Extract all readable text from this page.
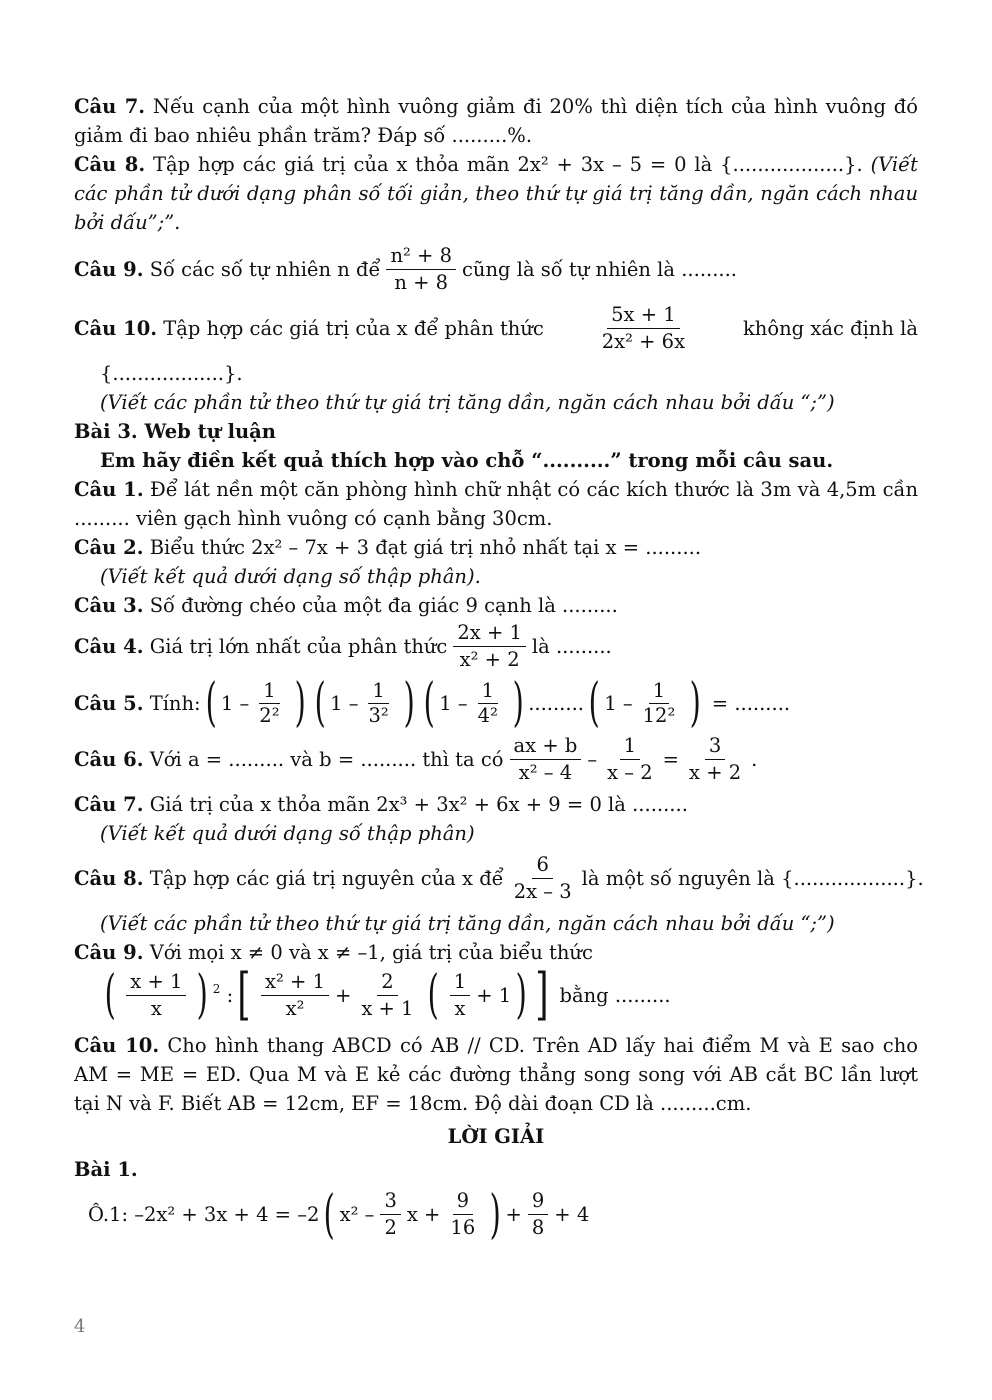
Câu 7. Nếu cạnh của một hình vuông giảm đi 20% thì diện tích của hình vuông đó giảm đi bao nhiêu phần trăm? Đáp số .........%.

Câu 8. Tập hợp các giá trị của x thỏa mãn 2x² + 3x – 5 = 0 là {..................}. (Viết các phần tử dưới dạng phân số tối giản, theo thứ tự giá trị tăng dần, ngăn cách nhau bởi dấu”;”.

Câu 9.
Số các số tự nhiên n để $\frac{\text{n² + 8}}{n + 8}$ cũng là số tự nhiên là .........
Câu 10. Tập hợp các giá trị của x để phân thức	$\frac{5x + 1}{\text{2x² + 6x}}$	không xác định là

{..................}.

(Viết các phần tử theo thứ tự giá trị tăng dần, ngăn cách nhau bởi dấu “;”)

Bài 3. Web tự luận

Em hãy điền kết quả thích hợp vào chỗ “..........” trong mỗi câu sau.

Câu 1. Để lát nền một căn phòng hình chữ nhật có các kích thước là 3m và 4,5m cần ......... viên gạch hình vuông có cạnh bằng 30cm.

Câu 2. Biểu thức 2x² – 7x + 3 đạt giá trị nhỏ nhất tại x = .........

(Viết kết quả dưới dạng số thập phân).

Câu 3. Số đường chéo của một đa giác 9 cạnh là .........

Câu 4.
Giá trị lớn nhất của phân thức $\frac{2x + 1}{\text{x² + 2}}$ là .........
Câu 5.
Tính: ( $1 - \frac{1}{\text{2²}}$ ) ( $1 - \frac{1}{\text{3²}}$ ) ( $1 - \frac{1}{\text{4²}}$ ) ......... ( $1 - \frac{1}{\text{12²}}$ )
= .........
Câu 6.
Với a = ......... và b = ......... thì ta có $\frac{ax + b}{\text{x² – 4}} - \frac{1}{x - 2} = \frac{3}{x + 2}$ .

Câu 7. Giá trị của x thỏa mãn 2x³ + 3x² + 6x + 9 = 0 là .........

(Viết kết quả dưới dạng số thập phân)

Câu 8.
Tập hợp các giá trị nguyên của x để $\frac{6}{2x - 3}$ là một số nguyên là {..................}.

(Viết các phần tử theo thứ tự giá trị tăng dần, ngăn cách nhau bởi dấu “;”)

Câu 9. Với mọi x ≠ 0 và x ≠ –1, giá trị của biểu thức

( $\frac{x + 1}{x}$ ) $^2$
: [ $\frac{\text{x² + 1}}{\text{x²}} + \frac{2}{x + 1}$ ( $\frac{1}{x} + 1$ ) ]
bằng .........

Câu 10. Cho hình thang ABCD có AB // CD. Trên AD lấy hai điểm M và E sao cho AM = ME = ED. Qua M và E kẻ các đường thẳng song song với AB cắt BC lần lượt tại N và F. Biết AB = 12cm, EF = 18cm. Độ dài đoạn CD là .........cm.

LỜI GIẢI

Bài 1.

Ô.1: –2x² + 3x + 4 = –2 ( $x^2 - \frac{3}{2}$ $x + \frac{9}{16}$ ) + $\frac{9}{8} + 4$
4
